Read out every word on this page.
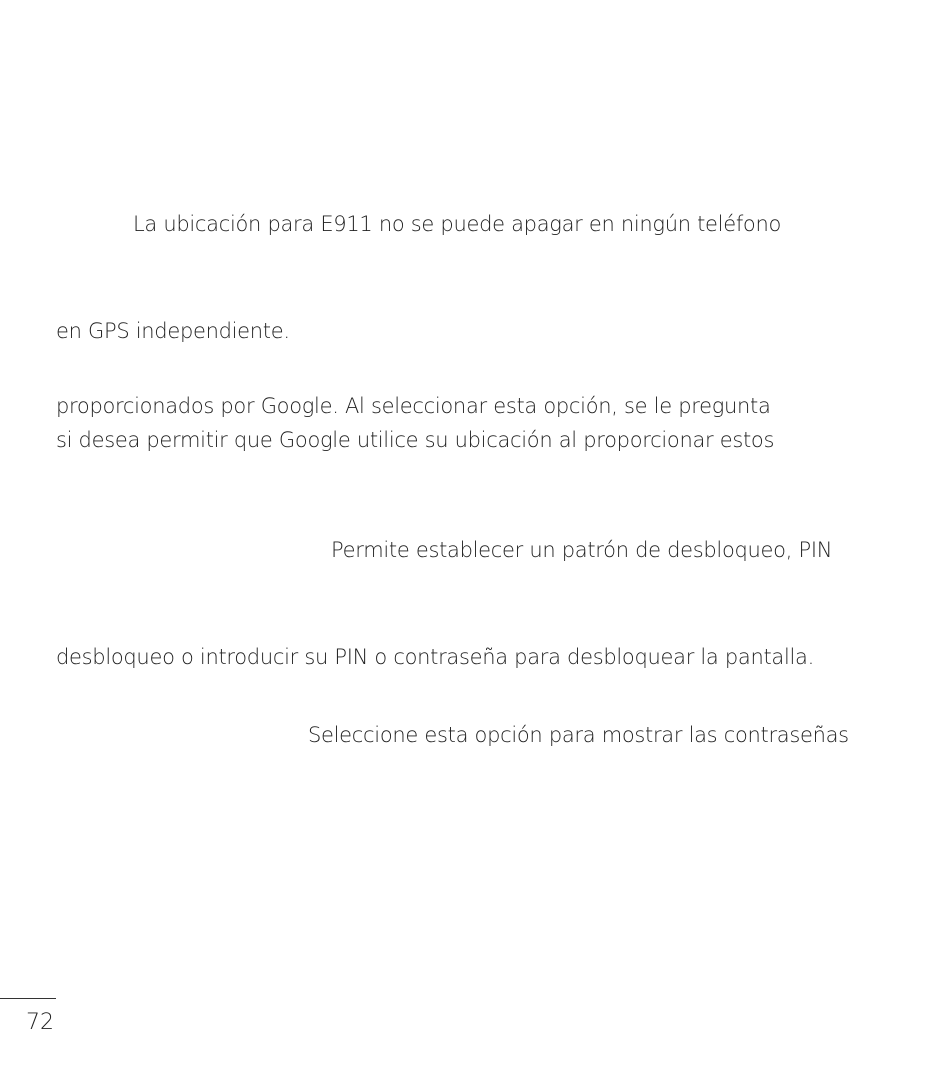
La ubicación para E911 no se puede apagar en ningún teléfono
en GPS independiente.
proporcionados por Google. Al seleccionar esta opción, se le pregunta
si desea permitir que Google utilice su ubicación al proporcionar estos
Permite establecer un patrón de desbloqueo, PIN
desbloqueo o introducir su PIN o contraseña para desbloquear la pantalla.
Seleccione esta opción para mostrar las contraseñas
72
